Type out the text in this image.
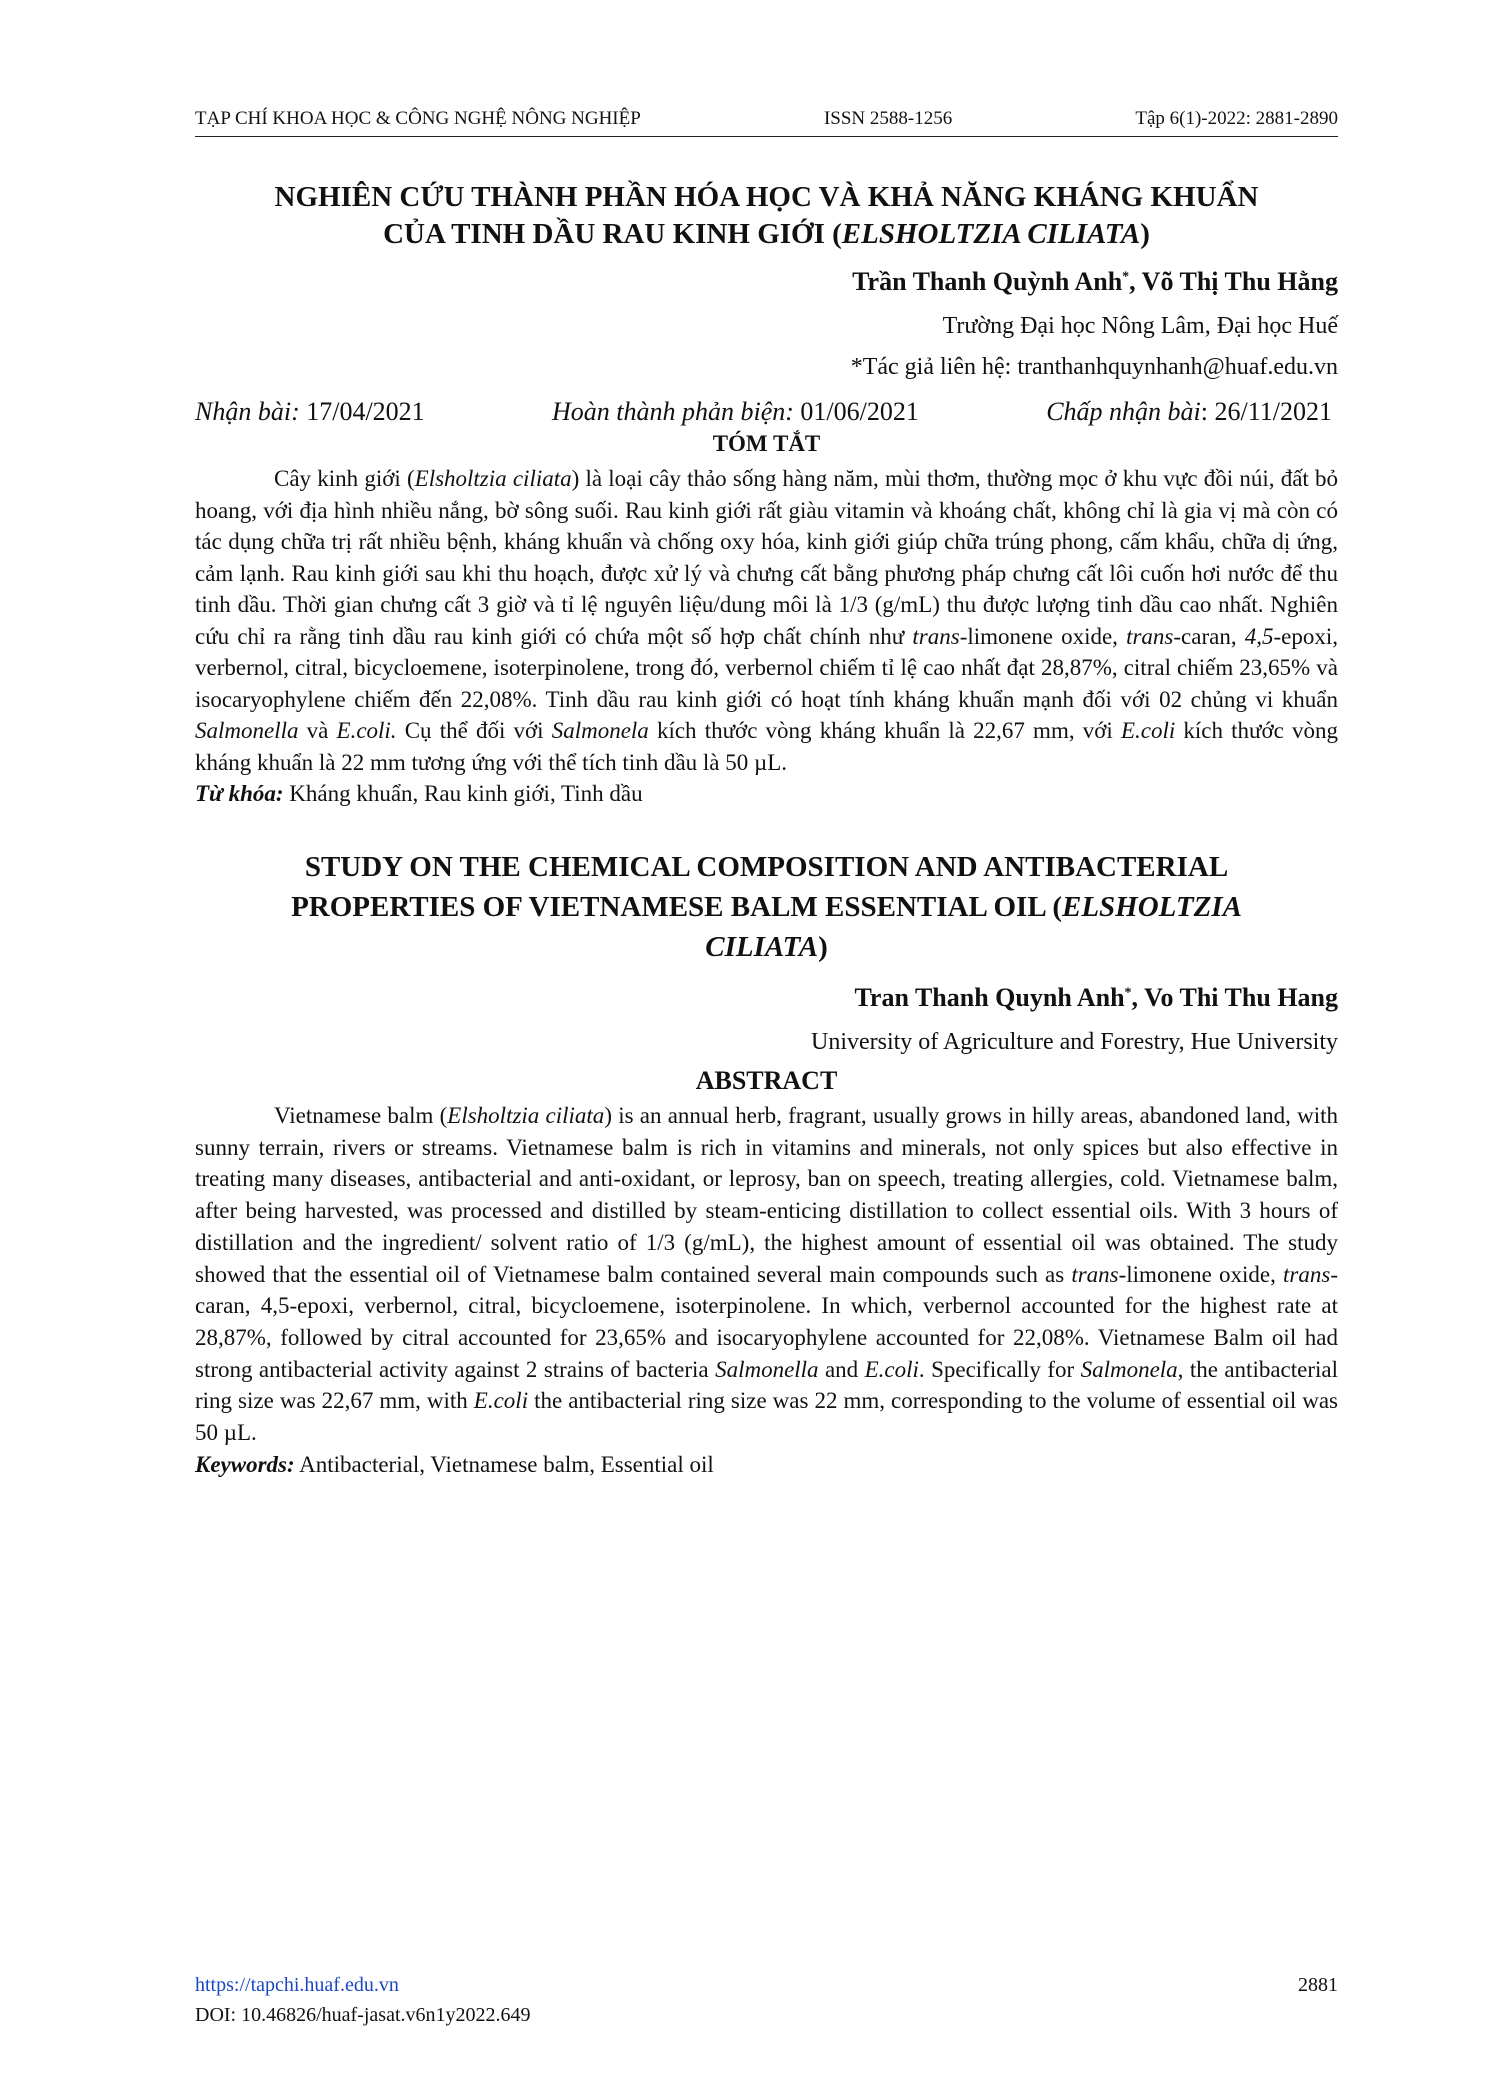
TẠP CHÍ KHOA HỌC & CÔNG NGHỆ NÔNG NGHIỆP	ISSN 2588-1256	Tập 6(1)-2022: 2881-2890
NGHIÊN CỨU THÀNH PHẦN HÓA HỌC VÀ KHẢ NĂNG KHÁNG KHUẨN
CỦA TINH DẦU RAU KINH GIỚI (ELSHOLTZIA CILIATA)
Trần Thanh Quỳnh Anh*, Võ Thị Thu Hằng
Trường Đại học Nông Lâm, Đại học Huế
*Tác giả liên hệ: tranthanhquynhanh@huaf.edu.vn
Nhận bài: 17/04/2021	Hoàn thành phản biện: 01/06/2021	Chấp nhận bài: 26/11/2021
TÓM TẮT
Cây kinh giới (Elsholtzia ciliata) là loại cây thảo sống hàng năm, mùi thơm, thường mọc ở khu vực đồi núi, đất bỏ hoang, với địa hình nhiều nắng, bờ sông suối. Rau kinh giới rất giàu vitamin và khoáng chất, không chỉ là gia vị mà còn có tác dụng chữa trị rất nhiều bệnh, kháng khuẩn và chống oxy hóa, kinh giới giúp chữa trúng phong, cấm khẩu, chữa dị ứng, cảm lạnh. Rau kinh giới sau khi thu hoạch, được xử lý và chưng cất bằng phương pháp chưng cất lôi cuốn hơi nước để thu tinh dầu. Thời gian chưng cất 3 giờ và tỉ lệ nguyên liệu/dung môi là 1/3 (g/mL) thu được lượng tinh dầu cao nhất. Nghiên cứu chỉ ra rằng tinh dầu rau kinh giới có chứa một số hợp chất chính như trans-limonene oxide, trans-caran, 4,5-epoxi, verbernol, citral, bicycloemene, isoterpinolene, trong đó, verbernol chiếm tỉ lệ cao nhất đạt 28,87%, citral chiếm 23,65% và isocaryophylene chiếm đến 22,08%. Tinh dầu rau kinh giới có hoạt tính kháng khuẩn mạnh đối với 02 chủng vi khuẩn Salmonella và E.coli. Cụ thể đối với Salmonela kích thước vòng kháng khuẩn là 22,67 mm, với E.coli kích thước vòng kháng khuẩn là 22 mm tương ứng với thể tích tinh dầu là 50 µL.
Từ khóa: Kháng khuẩn, Rau kinh giới, Tinh dầu
STUDY ON THE CHEMICAL COMPOSITION AND ANTIBACTERIAL
PROPERTIES OF VIETNAMESE BALM ESSENTIAL OIL (ELSHOLTZIA
CILIATA)
Tran Thanh Quynh Anh*, Vo Thi Thu Hang
University of Agriculture and Forestry, Hue University
ABSTRACT
Vietnamese balm (Elsholtzia ciliata) is an annual herb, fragrant, usually grows in hilly areas, abandoned land, with sunny terrain, rivers or streams. Vietnamese balm is rich in vitamins and minerals, not only spices but also effective in treating many diseases, antibacterial and anti-oxidant, or leprosy, ban on speech, treating allergies, cold. Vietnamese balm, after being harvested, was processed and distilled by steam-enticing distillation to collect essential oils. With 3 hours of distillation and the ingredient/ solvent ratio of 1/3 (g/mL), the highest amount of essential oil was obtained. The study showed that the essential oil of Vietnamese balm contained several main compounds such as trans-limonene oxide, trans-caran, 4,5-epoxi, verbernol, citral, bicycloemene, isoterpinolene. In which, verbernol accounted for the highest rate at 28,87%, followed by citral accounted for 23,65% and isocaryophylene accounted for 22,08%. Vietnamese Balm oil had strong antibacterial activity against 2 strains of bacteria Salmonella and E.coli. Specifically for Salmonela, the antibacterial ring size was 22,67 mm, with E.coli the antibacterial ring size was 22 mm, corresponding to the volume of essential oil was 50 µL.
Keywords: Antibacterial, Vietnamese balm, Essential oil
https://tapchi.huaf.edu.vn	2881
DOI: 10.46826/huaf-jasat.v6n1y2022.649
